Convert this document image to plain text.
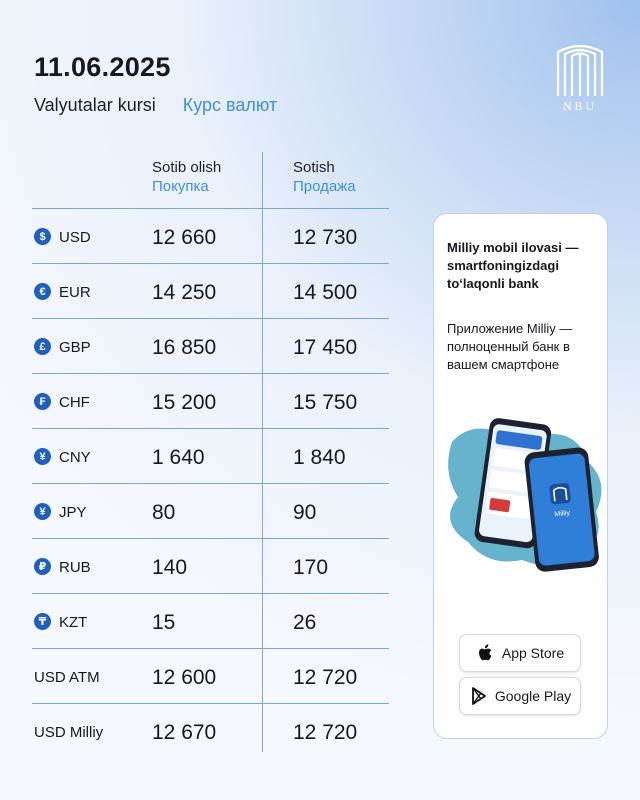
11.06.2025
Valyutalar kursi Курс валют	NBU
Sotib olish
Покупка
Sotish
Продажа
$ USD	12 660	12 730
€ EUR	14 250	14 500
£ GBP	16 850	17 450
₣ CHF	15 200	15 750
¥ CNY	1 640	1 840
¥ JPY	80	90
₽ RUB	140	170
₸ KZT	15	26
USD ATM 12 600	12 720
USD Milliy 12 670	12 720
Milliy mobil ilovasi — smartfoningizdagi to‘laqonli bank
Приложение Milliy — полноценный банк в вашем смартфоне
Milliy
App Store
Google Play
